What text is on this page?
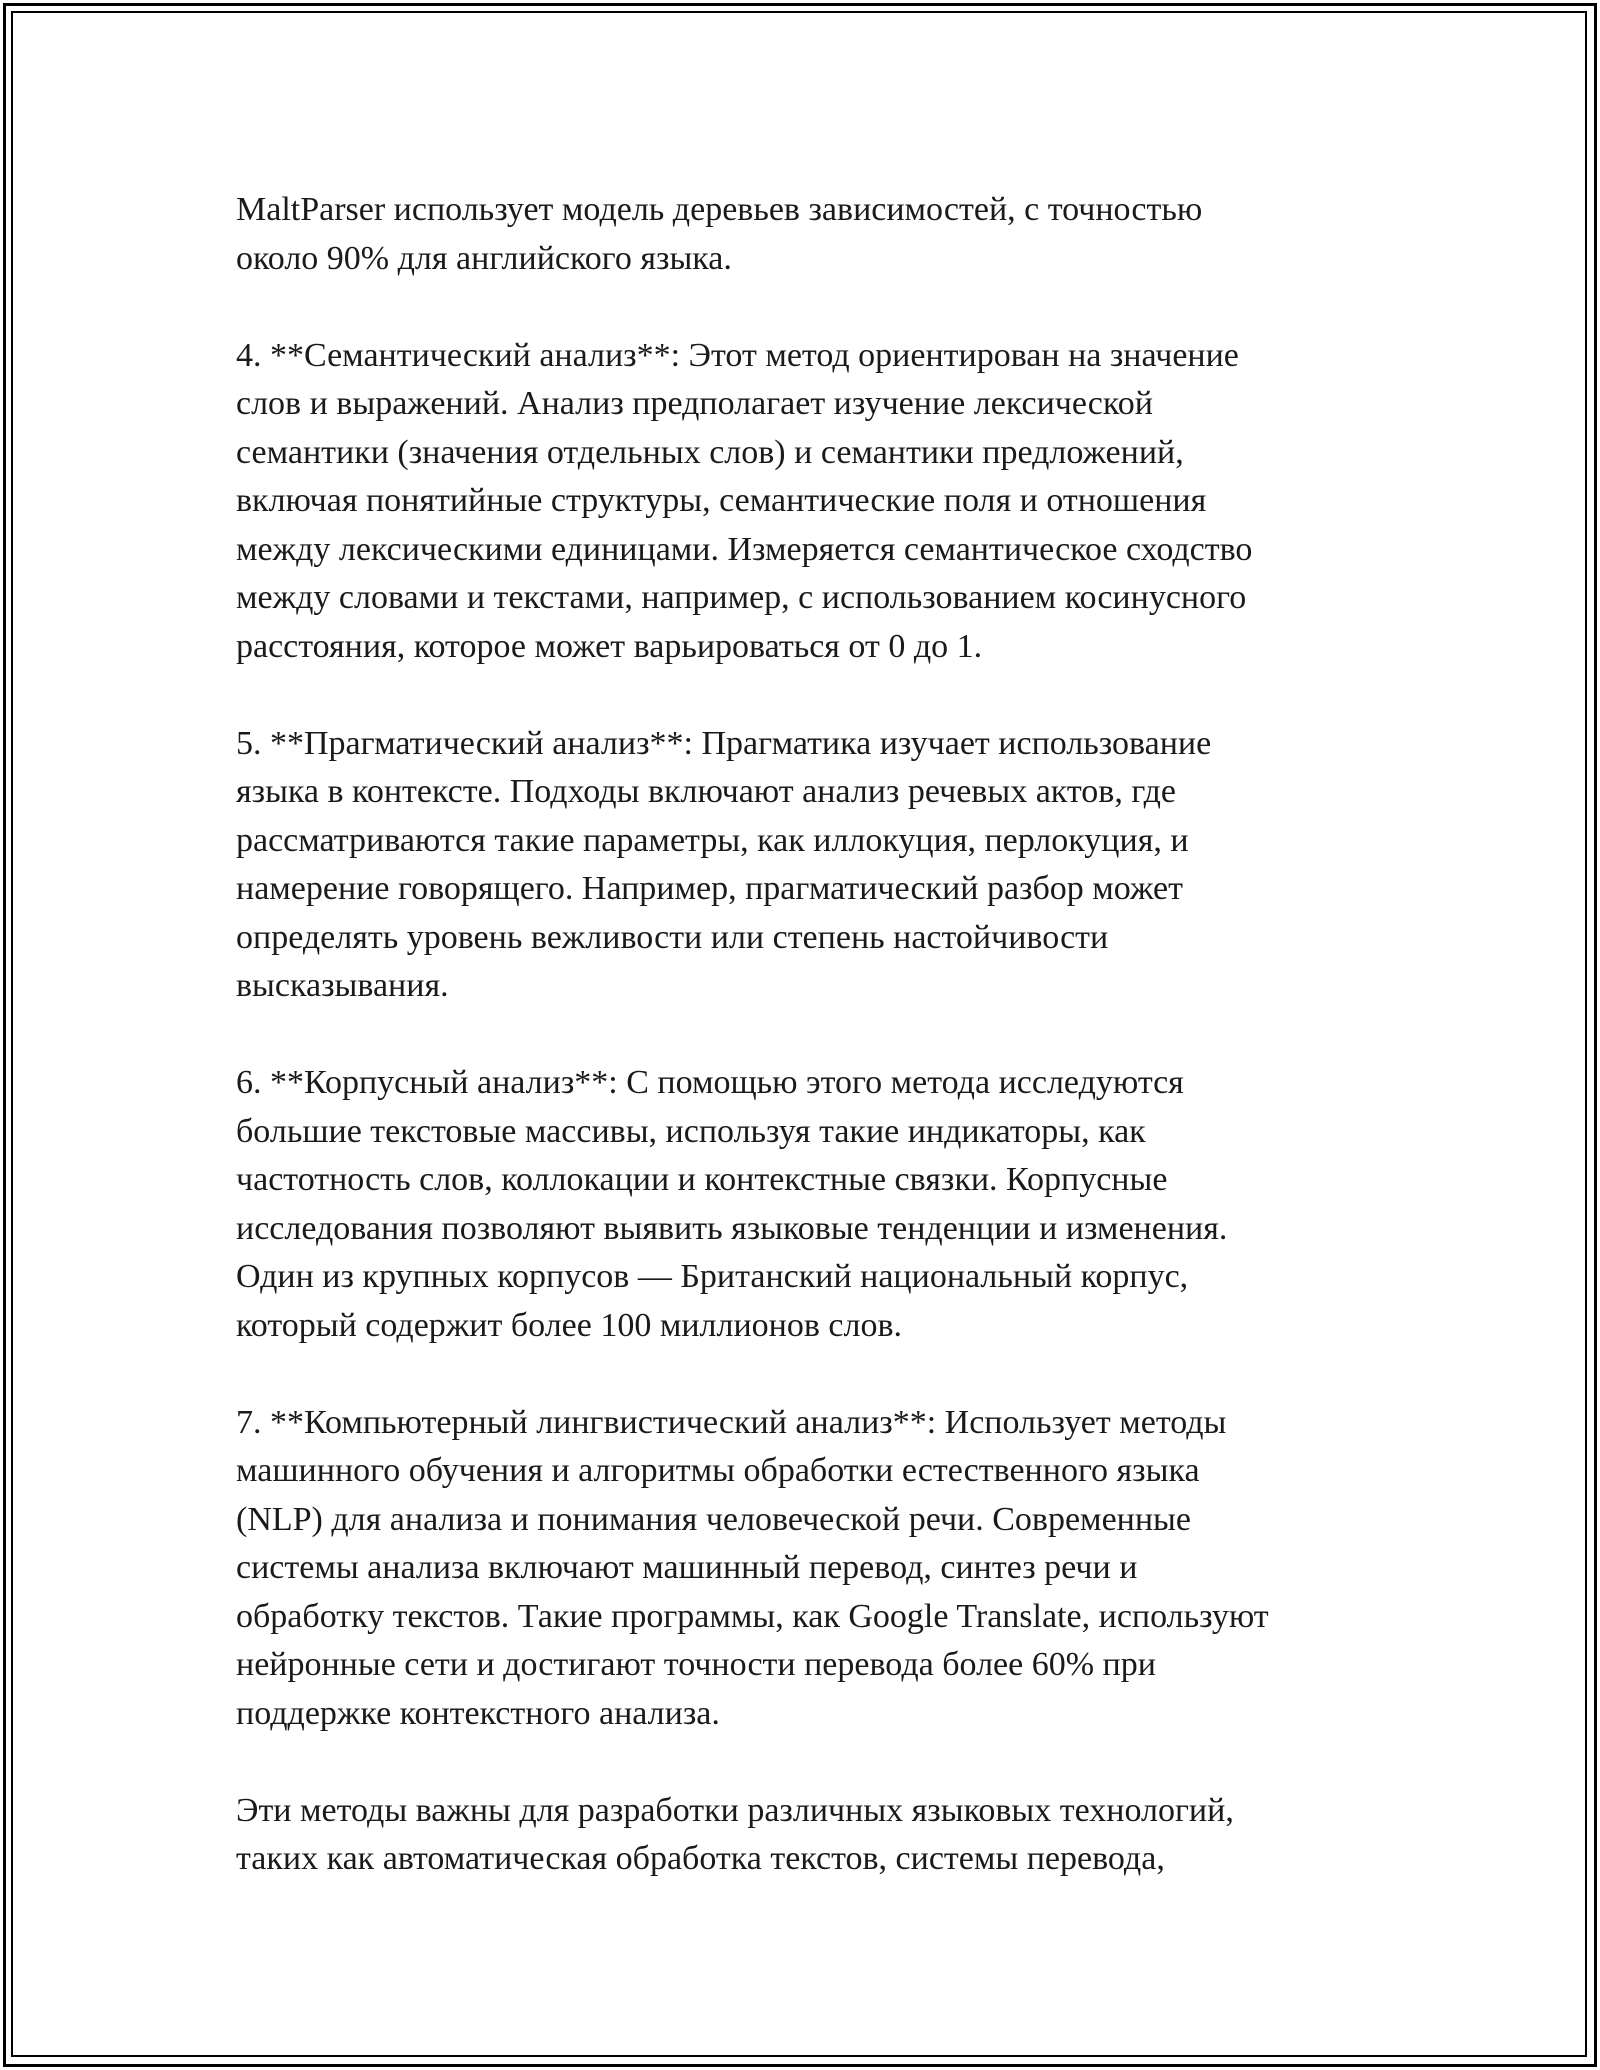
MaltParser использует модель деревьев зависимостей, с точностью
около 90% для английского языка.

4. **Семантический анализ**: Этот метод ориентирован на значение
слов и выражений. Анализ предполагает изучение лексической
семантики (значения отдельных слов) и семантики предложений,
включая понятийные структуры, семантические поля и отношения
между лексическими единицами. Измеряется семантическое сходство
между словами и текстами, например, с использованием косинусного
расстояния, которое может варьироваться от 0 до 1.

5. **Прагматический анализ**: Прагматика изучает использование
языка в контексте. Подходы включают анализ речевых актов, где
рассматриваются такие параметры, как иллокуция, перлокуция, и
намерение говорящего. Например, прагматический разбор может
определять уровень вежливости или степень настойчивости
высказывания.

6. **Корпусный анализ**: С помощью этого метода исследуются
большие текстовые массивы, используя такие индикаторы, как
частотность слов, коллокации и контекстные связки. Корпусные
исследования позволяют выявить языковые тенденции и изменения.
Один из крупных корпусов — Британский национальный корпус,
который содержит более 100 миллионов слов.

7. **Компьютерный лингвистический анализ**: Использует методы
машинного обучения и алгоритмы обработки естественного языка
(NLP) для анализа и понимания человеческой речи. Современные
системы анализа включают машинный перевод, синтез речи и
обработку текстов. Такие программы, как Google Translate, используют
нейронные сети и достигают точности перевода более 60% при
поддержке контекстного анализа.

Эти методы важны для разработки различных языковых технологий,
таких как автоматическая обработка текстов, системы перевода,
